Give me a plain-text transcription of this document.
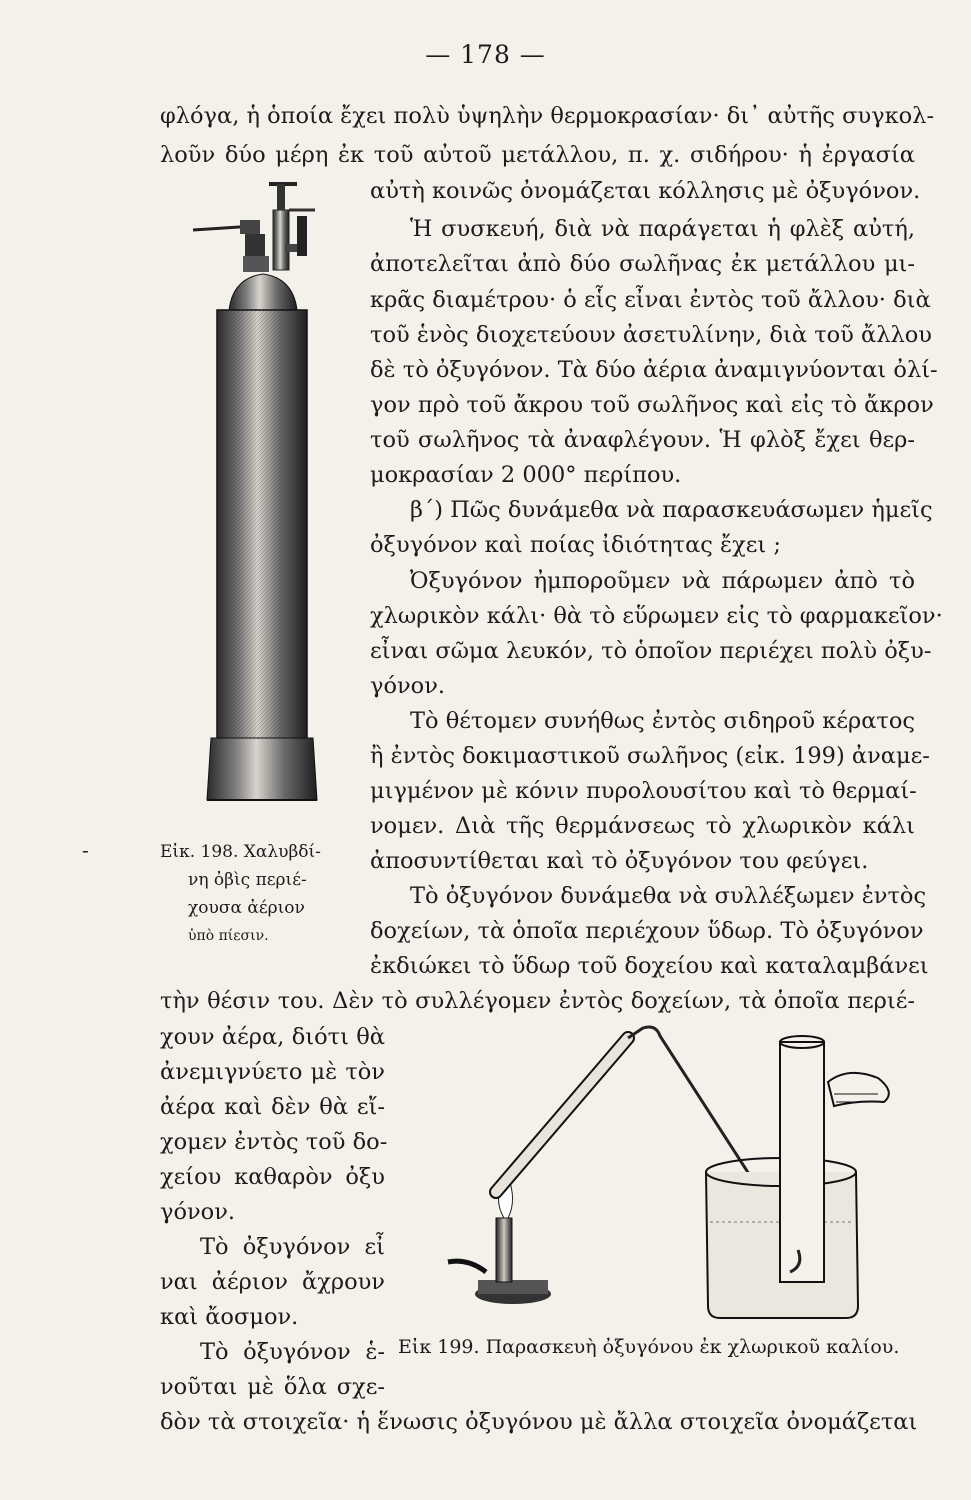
— 178 —
φλόγα, ἡ ὁποία ἔχει πολὺ ὑψηλὴν θερμοκρασίαν· δι᾿ αὐτῆς συγκολ-
λοῦν δύο μέρη ἐκ τοῦ αὐτοῦ μετάλλου, π. χ. σιδήρου· ἡ ἐργασία
αὐτὴ κοινῶς ὀνομάζεται κόλλησις μὲ ὀξυγόνον.
Ἡ συσκευή, διὰ νὰ παράγεται ἡ φλὲξ αὐτή,
ἀποτελεῖται ἀπὸ δύο σωλῆνας ἐκ μετάλλου μι-
κρᾶς διαμέτρου· ὁ εἷς εἶναι ἐντὸς τοῦ ἄλλου· διὰ
τοῦ ἑνὸς διοχετεύουν ἀσετυλίνην, διὰ τοῦ ἄλλου
δὲ τὸ ὀξυγόνον. Τὰ δύο ἀέρια ἀναμιγνύονται ὀλί-
γον πρὸ τοῦ ἄκρου τοῦ σωλῆνος καὶ εἰς τὸ ἄκρον
τοῦ σωλῆνος τὰ ἀναφλέγουν. Ἡ φλὸξ ἔχει θερ-
μοκρασίαν 2 000° περίπου.
β΄) Πῶς δυνάμεθα νὰ παρασκευάσωμεν ἡμεῖς
ὀξυγόνον καὶ ποίας ἰδιότητας ἔχει ;
Ὀξυγόνον ἠμποροῦμεν νὰ πάρωμεν ἀπὸ τὸ
χλωρικὸν κάλι· θὰ τὸ εὕρωμεν εἰς τὸ φαρμακεῖον·
εἶναι σῶμα λευκόν, τὸ ὁποῖον περιέχει πολὺ ὀξυ-
γόνον.
Τὸ θέτομεν συνήθως ἐντὸς σιδηροῦ κέρατος
ἢ ἐντὸς δοκιμαστικοῦ σωλῆνος (εἰκ. 199) ἀναμε-
μιγμένον μὲ κόνιν πυρολουσίτου καὶ τὸ θερμαί-
νομεν. Διὰ τῆς θερμάνσεως τὸ χλωρικὸν κάλι
ἀποσυντίθεται καὶ τὸ ὀξυγόνον του φεύγει.
Τὸ ὀξυγόνον δυνάμεθα νὰ συλλέξωμεν ἐντὸς
δοχείων, τὰ ὁποῖα περιέχουν ὕδωρ. Τὸ ὀξυγόνον
ἐκδιώκει τὸ ὕδωρ τοῦ δοχείου καὶ καταλαμβάνει
τὴν θέσιν του. Δὲν τὸ συλλέγομεν ἐντὸς δοχείων, τὰ ὁποῖα περιέ-
χουν ἀέρα, διότι θὰ
ἀνεμιγνύετο μὲ τὸν
ἀέρα καὶ δὲν θὰ εἴ-
χομεν ἐντὸς τοῦ δο-
χείου καθαρὸν ὀξυ
γόνον.
Τὸ ὀξυγόνον εἶ
ναι ἀέριον ἄχρουν
καὶ ἄοσμον.
Τὸ ὀξυγόνον ἑ-
νοῦται μὲ ὅλα σχε-
δὸν τὰ στοιχεῖα· ἡ ἕνωσις ὀξυγόνου μὲ ἄλλα στοιχεῖα ὀνομάζεται
-	Εἰκ. 198. Χαλυβδί-
νη ὀβὶς περιέ-
χουσα ἀέριον
ὑπὸ πίεσιν.
Εἰκ 199. Παρασκευὴ ὀξυγόνου ἐκ χλωρικοῦ καλίου.
